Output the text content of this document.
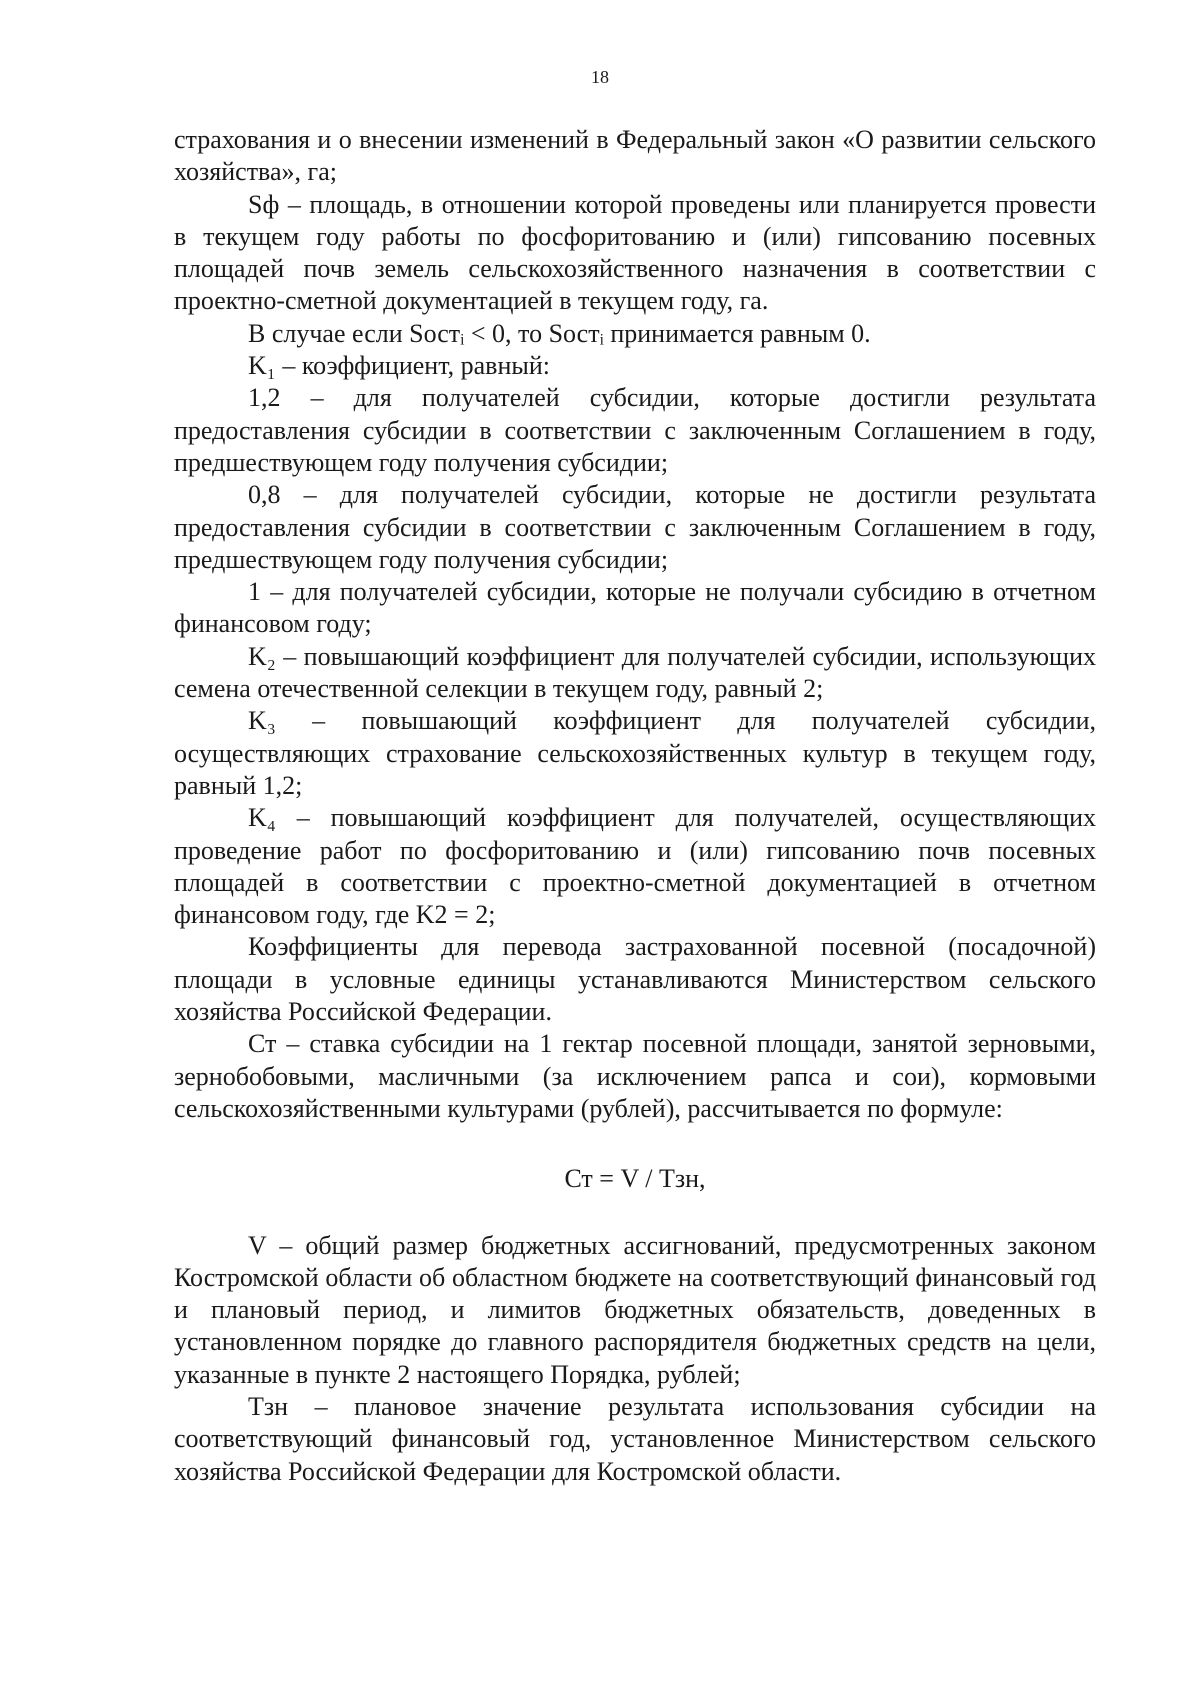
18

страхования и о внесении изменений в Федеральный закон «О развитии сельского хозяйства», га;

Sф – площадь, в отношении которой проведены или планируется провести в текущем году работы по фосфоритованию и (или) гипсованию посевных площадей почв земель сельскохозяйственного назначения в соответствии с проектно-сметной документацией в текущем году, га.

В случае если Sостᵢ < 0, то Sостᵢ принимается равным 0.

K₁ – коэффициент, равный:

1,2 – для получателей субсидии, которые достигли результата предоставления субсидии в соответствии с заключенным Соглашением в году, предшествующем году получения субсидии;

0,8 – для получателей субсидии, которые не достигли результата предоставления субсидии в соответствии с заключенным Соглашением в году, предшествующем году получения субсидии;

1 – для получателей субсидии, которые не получали субсидию в отчетном финансовом году;

K₂ – повышающий коэффициент для получателей субсидии, использующих семена отечественной селекции в текущем году, равный 2;

K₃ – повышающий коэффициент для получателей субсидии, осуществляющих страхование сельскохозяйственных культур в текущем году, равный 1,2;

K₄ – повышающий коэффициент для получателей, осуществляющих проведение работ по фосфоритованию и (или) гипсованию почв посевных площадей в соответствии с проектно-сметной документацией в отчетном финансовом году, где K2 = 2;

Коэффициенты для перевода застрахованной посевной (посадочной) площади в условные единицы устанавливаются Министерством сельского хозяйства Российской Федерации.

Ст – ставка субсидии на 1 гектар посевной площади, занятой зерновыми, зернобобовыми, масличными (за исключением рапса и сои), кормовыми сельскохозяйственными культурами (рублей), рассчитывается по формуле:

Ст = V / Тзн,

V – общий размер бюджетных ассигнований, предусмотренных законом Костромской области об областном бюджете на соответствующий финансовый год и плановый период, и лимитов бюджетных обязательств, доведенных в установленном порядке до главного распорядителя бюджетных средств на цели, указанные в пункте 2 настоящего Порядка, рублей;

Тзн – плановое значение результата использования субсидии на соответствующий финансовый год, установленное Министерством сельского хозяйства Российской Федерации для Костромской области.
